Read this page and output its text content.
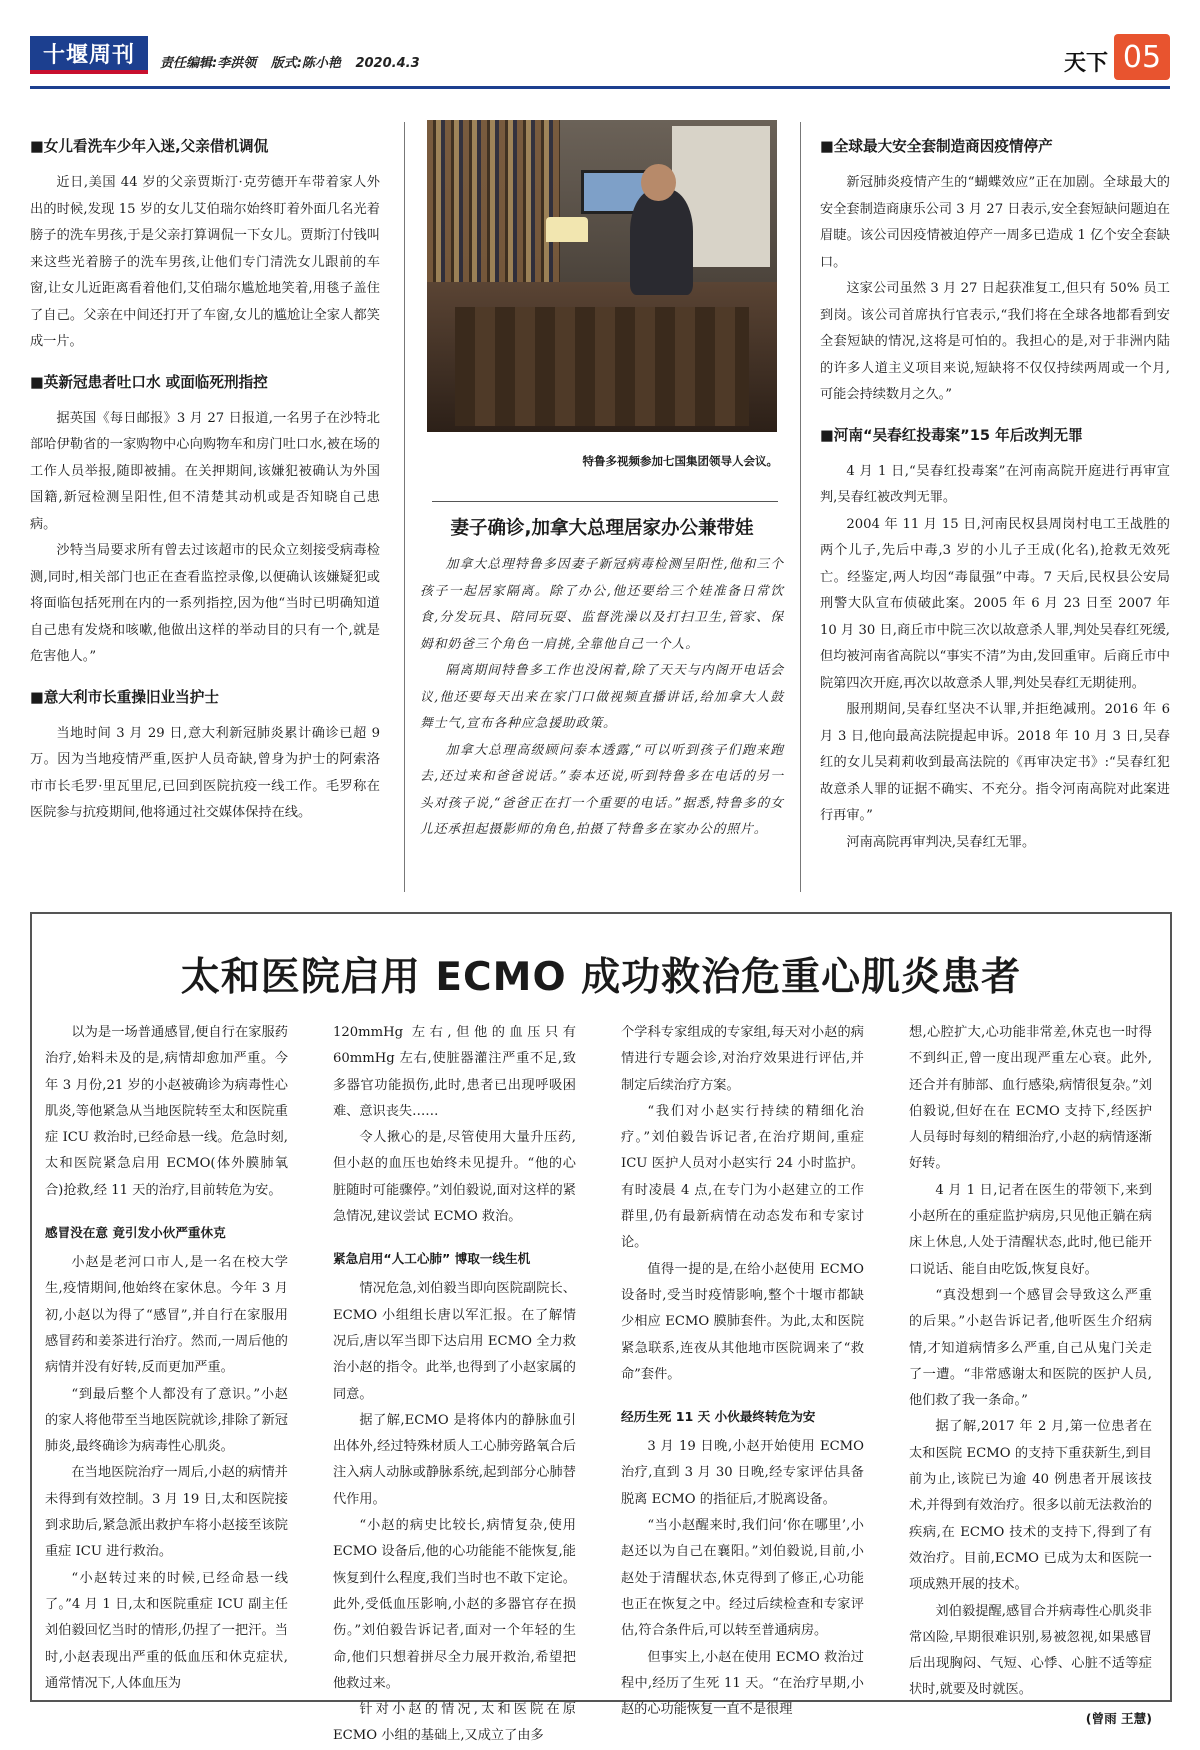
十堰周刊 责任编辑:李洪领 版式:陈小艳 2020.4.3	天下 05
■女儿看洗车少年入迷,父亲借机调侃

近日,美国 44 岁的父亲贾斯汀·克劳德开车带着家人外出的时候,发现 15 岁的女儿艾伯瑞尔始终盯着外面几名光着膀子的洗车男孩,于是父亲打算调侃一下女儿。贾斯汀付钱叫来这些光着膀子的洗车男孩,让他们专门清洗女儿跟前的车窗,让女儿近距离看着他们,艾伯瑞尔尴尬地笑着,用毯子盖住了自己。父亲在中间还打开了车窗,女儿的尴尬让全家人都笑成一片。

■英新冠患者吐口水 或面临死刑指控

据英国《每日邮报》3 月 27 日报道,一名男子在沙特北部哈伊勒省的一家购物中心向购物车和房门吐口水,被在场的工作人员举报,随即被捕。在关押期间,该嫌犯被确认为外国国籍,新冠检测呈阳性,但不清楚其动机或是否知晓自己患病。

沙特当局要求所有曾去过该超市的民众立刻接受病毒检测,同时,相关部门也正在查看监控录像,以便确认该嫌疑犯或将面临包括死刑在内的一系列指控,因为他“当时已明确知道自己患有发烧和咳嗽,他做出这样的举动目的只有一个,就是危害他人。”

■意大利市长重操旧业当护士

当地时间 3 月 29 日,意大利新冠肺炎累计确诊已超 9 万。因为当地疫情严重,医护人员奇缺,曾身为护士的阿索洛市市长毛罗·里瓦里尼,已回到医院抗疫一线工作。毛罗称在医院参与抗疫期间,他将通过社交媒体保持在线。

特鲁多视频参加七国集团领导人会议。
妻子确诊,加拿大总理居家办公兼带娃

加拿大总理特鲁多因妻子新冠病毒检测呈阳性,他和三个孩子一起居家隔离。除了办公,他还要给三个娃准备日常饮食,分发玩具、陪同玩耍、监督洗澡以及打扫卫生,管家、保姆和奶爸三个角色一肩挑,全靠他自己一个人。

隔离期间特鲁多工作也没闲着,除了天天与内阁开电话会议,他还要每天出来在家门口做视频直播讲话,给加拿大人鼓舞士气,宣布各种应急援助政策。

加拿大总理高级顾问泰本透露,“可以听到孩子们跑来跑去,还过来和爸爸说话。”泰本还说,听到特鲁多在电话的另一头对孩子说,“爸爸正在打一个重要的电话。”据悉,特鲁多的女儿还承担起摄影师的角色,拍摄了特鲁多在家办公的照片。

■全球最大安全套制造商因疫情停产

新冠肺炎疫情产生的“蝴蝶效应”正在加剧。全球最大的安全套制造商康乐公司 3 月 27 日表示,安全套短缺问题迫在眉睫。该公司因疫情被迫停产一周多已造成 1 亿个安全套缺口。

这家公司虽然 3 月 27 日起获准复工,但只有 50% 员工到岗。该公司首席执行官表示,“我们将在全球各地都看到安全套短缺的情况,这将是可怕的。我担心的是,对于非洲内陆的许多人道主义项目来说,短缺将不仅仅持续两周或一个月,可能会持续数月之久。”

■河南“吴春红投毒案”15 年后改判无罪

4 月 1 日,“吴春红投毒案”在河南高院开庭进行再审宣判,吴春红被改判无罪。

2004 年 11 月 15 日,河南民权县周岗村电工王战胜的两个儿子,先后中毒,3 岁的小儿子王成(化名),抢救无效死亡。经鉴定,两人均因“毒鼠强”中毒。7 天后,民权县公安局刑警大队宣布侦破此案。2005 年 6 月 23 日至 2007 年 10 月 30 日,商丘市中院三次以故意杀人罪,判处吴春红死缓,但均被河南省高院以“事实不清”为由,发回重审。后商丘市中院第四次开庭,再次以故意杀人罪,判处吴春红无期徒刑。

服刑期间,吴春红坚决不认罪,并拒绝减刑。2016 年 6 月 3 日,他向最高法院提起申诉。2018 年 10 月 3 日,吴春红的女儿吴莉莉收到最高法院的《再审决定书》:“吴春红犯故意杀人罪的证据不确实、不充分。指令河南高院对此案进行再审。”

河南高院再审判决,吴春红无罪。

太和医院启用 ECMO 成功救治危重心肌炎患者

以为是一场普通感冒,便自行在家服药治疗,始料未及的是,病情却愈加严重。今年 3 月份,21 岁的小赵被确诊为病毒性心肌炎,等他紧急从当地医院转至太和医院重症 ICU 救治时,已经命悬一线。危急时刻,太和医院紧急启用 ECMO(体外膜肺氧合)抢救,经 11 天的治疗,目前转危为安。

感冒没在意 竟引发小伙严重休克

小赵是老河口市人,是一名在校大学生,疫情期间,他始终在家休息。今年 3 月初,小赵以为得了“感冒”,并自行在家服用感冒药和姜茶进行治疗。然而,一周后他的病情并没有好转,反而更加严重。

“到最后整个人都没有了意识。”小赵的家人将他带至当地医院就诊,排除了新冠肺炎,最终确诊为病毒性心肌炎。

在当地医院治疗一周后,小赵的病情并未得到有效控制。3 月 19 日,太和医院接到求助后,紧急派出救护车将小赵接至该院重症 ICU 进行救治。

“小赵转过来的时候,已经命悬一线了。”4 月 1 日,太和医院重症 ICU 副主任刘伯毅回忆当时的情形,仍捏了一把汗。当时,小赵表现出严重的低血压和休克症状,通常情况下,人体血压为

120mmHg 左右,但他的血压只有 60mmHg 左右,使脏器灌注严重不足,致多器官功能损伤,此时,患者已出现呼吸困难、意识丧失……

令人揪心的是,尽管使用大量升压药,但小赵的血压也始终未见提升。“他的心脏随时可能骤停。”刘伯毅说,面对这样的紧急情况,建议尝试 ECMO 救治。

紧急启用“人工心肺” 博取一线生机

情况危急,刘伯毅当即向医院副院长、ECMO 小组组长唐以军汇报。在了解情况后,唐以军当即下达启用 ECMO 全力救治小赵的指令。此举,也得到了小赵家属的同意。

据了解,ECMO 是将体内的静脉血引出体外,经过特殊材质人工心肺旁路氧合后注入病人动脉或静脉系统,起到部分心肺替代作用。

“小赵的病史比较长,病情复杂,使用 ECMO 设备后,他的心功能能不能恢复,能恢复到什么程度,我们当时也不敢下定论。此外,受低血压影响,小赵的多器官存在损伤。”刘伯毅告诉记者,面对一个年轻的生命,他们只想着拼尽全力展开救治,希望把他救过来。

针对小赵的情况,太和医院在原 ECMO 小组的基础上,又成立了由多

个学科专家组成的专家组,每天对小赵的病情进行专题会诊,对治疗效果进行评估,并制定后续治疗方案。

“我们对小赵实行持续的精细化治疗。”刘伯毅告诉记者,在治疗期间,重症 ICU 医护人员对小赵实行 24 小时监护。有时凌晨 4 点,在专门为小赵建立的工作群里,仍有最新病情在动态发布和专家讨论。

值得一提的是,在给小赵使用 ECMO 设备时,受当时疫情影响,整个十堰市都缺少相应 ECMO 膜肺套件。为此,太和医院紧急联系,连夜从其他地市医院调来了“救命”套件。

经历生死 11 天 小伙最终转危为安

3 月 19 日晚,小赵开始使用 ECMO 治疗,直到 3 月 30 日晚,经专家评估具备脱离 ECMO 的指征后,才脱离设备。

“当小赵醒来时,我们问‘你在哪里’,小赵还以为自己在襄阳。”刘伯毅说,目前,小赵处于清醒状态,休克得到了修正,心功能也正在恢复之中。经过后续检查和专家评估,符合条件后,可以转至普通病房。

但事实上,小赵在使用 ECMO 救治过程中,经历了生死 11 天。“在治疗早期,小赵的心功能恢复一直不是很理

想,心腔扩大,心功能非常差,休克也一时得不到纠正,曾一度出现严重左心衰。此外,还合并有肺部、血行感染,病情很复杂。”刘伯毅说,但好在在 ECMO 支持下,经医护人员每时每刻的精细治疗,小赵的病情逐渐好转。

4 月 1 日,记者在医生的带领下,来到小赵所在的重症监护病房,只见他正躺在病床上休息,人处于清醒状态,此时,他已能开口说话、能自由吃饭,恢复良好。

“真没想到一个感冒会导致这么严重的后果。”小赵告诉记者,他听医生介绍病情,才知道病情多么严重,自己从鬼门关走了一遭。“非常感谢太和医院的医护人员,他们救了我一条命。”

据了解,2017 年 2 月,第一位患者在太和医院 ECMO 的支持下重获新生,到目前为止,该院已为逾 40 例患者开展该技术,并得到有效治疗。很多以前无法救治的疾病,在 ECMO 技术的支持下,得到了有效治疗。目前,ECMO 已成为太和医院一项成熟开展的技术。

刘伯毅提醒,感冒合并病毒性心肌炎非常凶险,早期很难识别,易被忽视,如果感冒后出现胸闷、气短、心悸、心脏不适等症状时,就要及时就医。

(曾雨 王慧)
